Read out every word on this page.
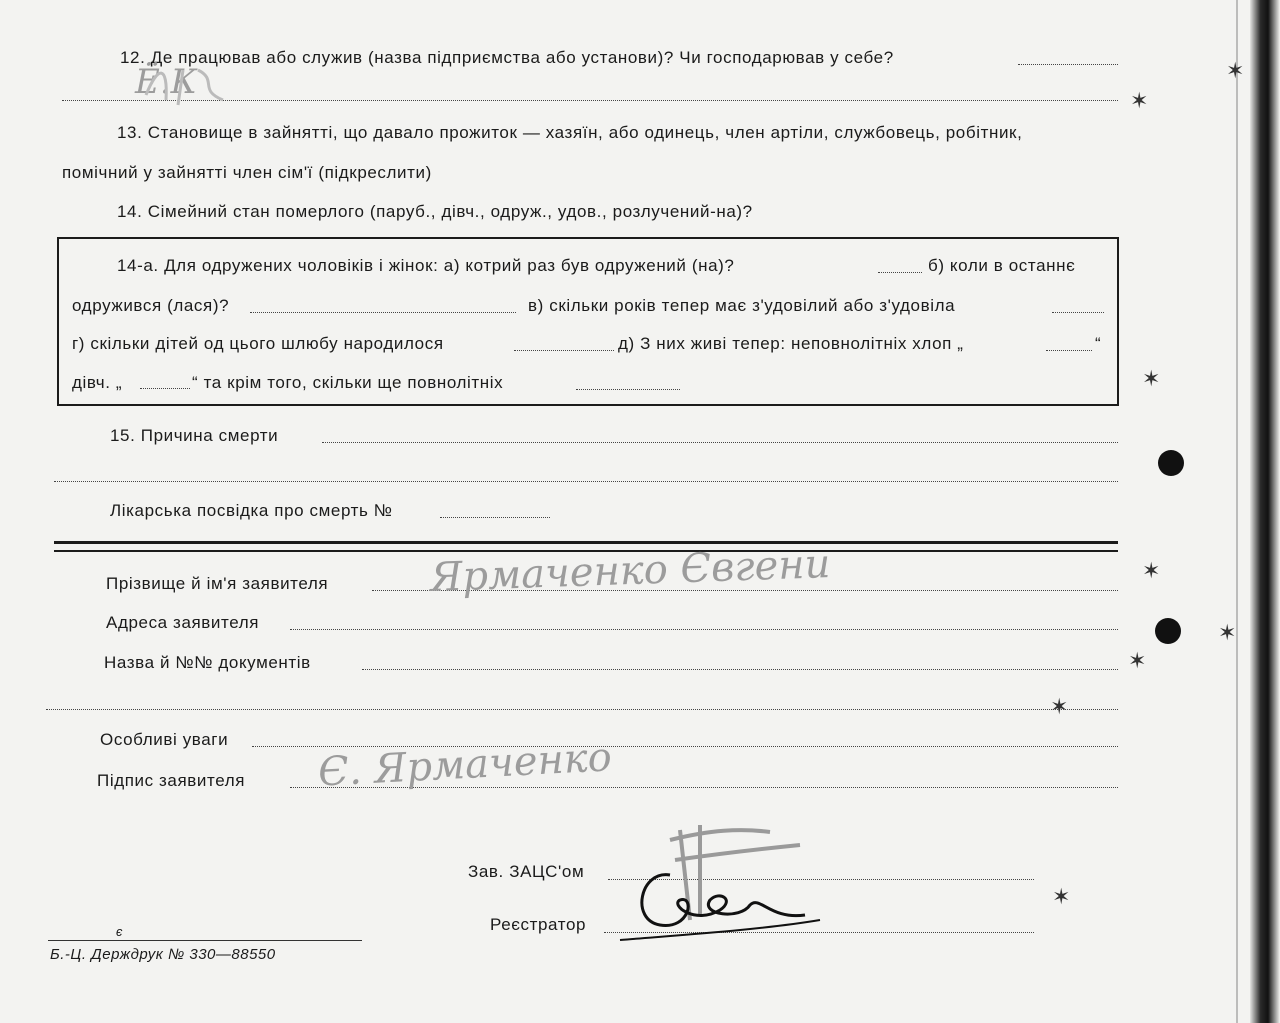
12. Де працював або служив (назва підприємства або установи)? Чи господарював у себе?
Ё.К
13. Становище в зайнятті, що давало прожиток — хазяїн, або одинець, член артіли, службовець, робітник,
помічний у зайнятті член сім'ї (підкреслити)
14. Сімейний стан померлого (паруб., дівч., одруж., удов., розлучений-на)?
14-а. Для одружених чоловіків і жінок: а) котрий раз був одружений (на)?	б) коли в останнє
одружився (лася)?	в) скільки років тепер має з'удовілий або з'удовіла
г) скільки дітей од цього шлюбу народилося	д) З них живі тепер: неповнолітніх хлоп „	“
дівч. „	“ та крім того, скільки ще повнолітніх
15. Причина смерти
Лікарська посвідка про смерть №
Прізвище й ім'я заявителя	Ярмаченко Євгени
Адреса заявителя
Назва й №№ документів
Особливі уваги
Підпис заявителя Є. Ярмаченко
Зав. ЗАЦС'ом
Реєстратор
✶
✶
✶
✶
✶
✶
✶
✶
є
Б.-Ц. Держдрук № 330—88550
